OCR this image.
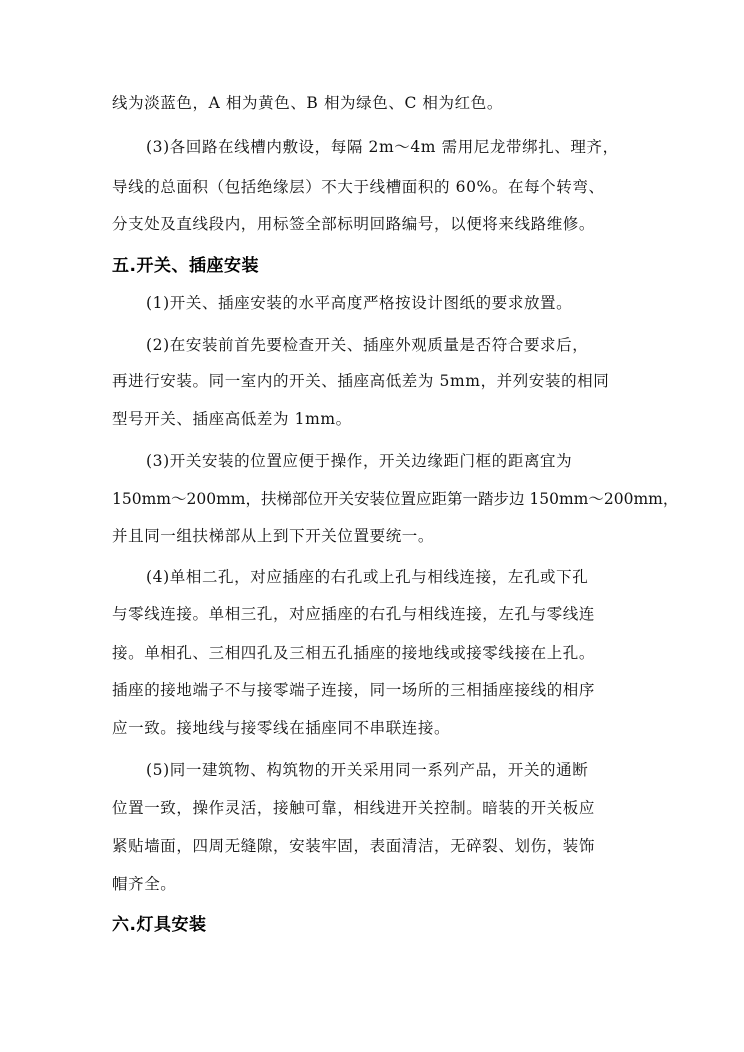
线为淡蓝色，A 相为黄色、B 相为绿色、C 相为红色。
(3)各回路在线槽内敷设，每隔 2m～4m 需用尼龙带绑扎、理齐，
导线的总面积（包括绝缘层）不大于线槽面积的 60%。在每个转弯、
分支处及直线段内，用标签全部标明回路编号，以便将来线路维修。
五.开关、插座安装
(1)开关、插座安装的水平高度严格按设计图纸的要求放置。
(2)在安装前首先要检查开关、插座外观质量是否符合要求后，
再进行安装。同一室内的开关、插座高低差为 5mm，并列安装的相同
型号开关、插座高低差为 1mm。
(3)开关安装的位置应便于操作，开关边缘距门框的距离宜为
150mm～200mm，扶梯部位开关安装位置应距第一踏步边 150mm～200mm，
并且同一组扶梯部从上到下开关位置要统一。
(4)单相二孔，对应插座的右孔或上孔与相线连接，左孔或下孔
与零线连接。单相三孔，对应插座的右孔与相线连接，左孔与零线连
接。单相孔、三相四孔及三相五孔插座的接地线或接零线接在上孔。
插座的接地端子不与接零端子连接，同一场所的三相插座接线的相序
应一致。接地线与接零线在插座同不串联连接。
(5)同一建筑物、构筑物的开关采用同一系列产品，开关的通断
位置一致，操作灵活，接触可靠，相线进开关控制。暗装的开关板应
紧贴墙面，四周无缝隙，安装牢固，表面清洁，无碎裂、划伤，装饰
帽齐全。
六.灯具安装
